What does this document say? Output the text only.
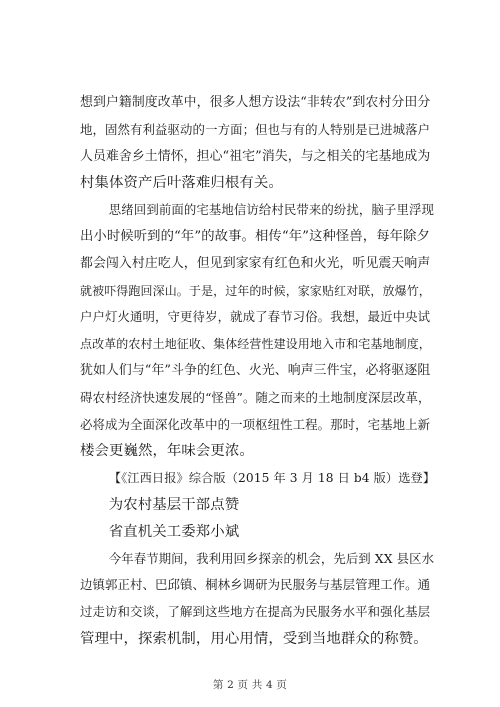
想到户籍制度改革中，很多人想方设法“非转农”到农村分田分
地，固然有利益驱动的一方面；但也与有的人特别是已进城落户
人员难舍乡土情怀，担心“祖宅”消失，与之相关的宅基地成为
村集体资产后叶落难归根有关。

思绪回到前面的宅基地信访给村民带来的纷扰，脑子里浮现
出小时候听到的“年”的故事。相传“年”这种怪兽，每年除夕
都会闯入村庄吃人，但见到家家有红色和火光，听见震天响声
就被吓得跑回深山。于是，过年的时候，家家贴红对联，放爆竹，
户户灯火通明，守更待岁，就成了春节习俗。我想，最近中央试
点改革的农村土地征收、集体经营性建设用地入市和宅基地制度，
犹如人们与“年”斗争的红色、火光、响声三件宝，必将驱逐阻
碍农村经济快速发展的“怪兽”。随之而来的土地制度深层改革，
必将成为全面深化改革中的一项枢纽性工程。那时，宅基地上新
楼会更巍然，年味会更浓。

【《江西日报》综合版（2015 年 3 月 18 日 b4 版）选登】

为农村基层干部点赞

省直机关工委郑小斌

今年春节期间，我利用回乡探亲的机会，先后到 XX 县区水
边镇郭正村、巴邱镇、桐林乡调研为民服务与基层管理工作。通
过走访和交谈，了解到这些地方在提高为民服务水平和强化基层
管理中，探索机制，用心用情，受到当地群众的称赞。

第 2 页 共 4 页
